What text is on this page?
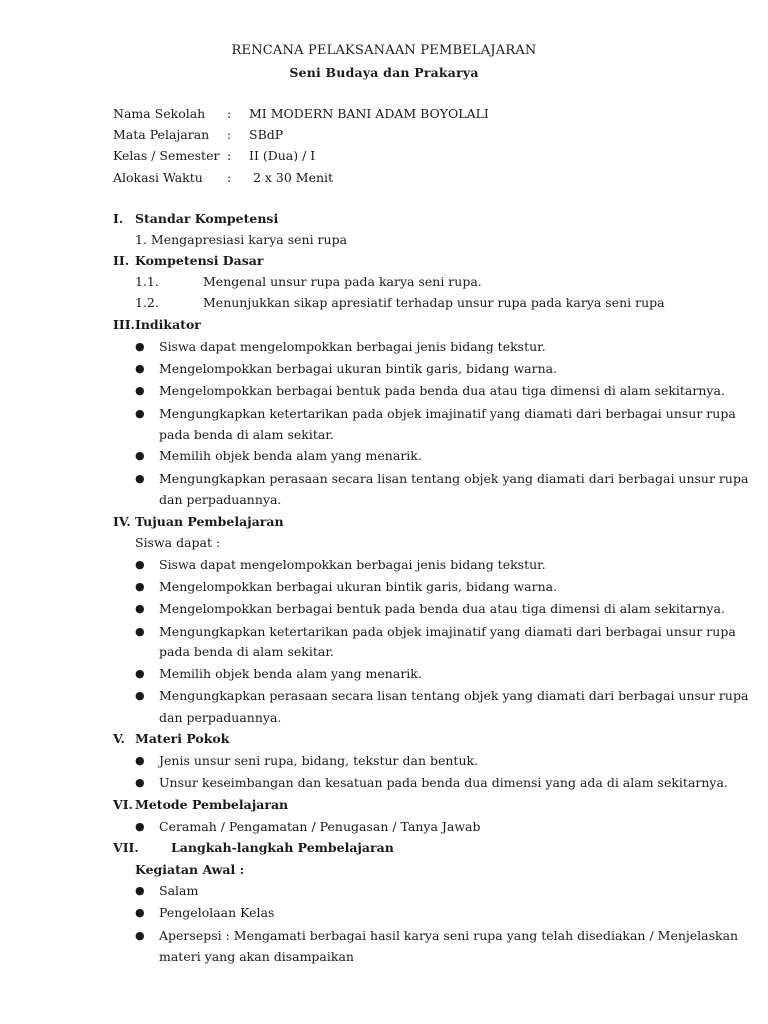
RENCANA PELAKSANAAN PEMBELAJARAN
Seni Budaya dan Prakarya
Nama Sekolah : MI MODERN BANI ADAM BOYOLALI
Mata Pelajaran : SBdP
Kelas / Semester : II (Dua) / I
Alokasi Waktu : 2 x 30 Menit
I. Standar Kompetensi
1. Mengapresiasi karya seni rupa
II. Kompetensi Dasar
1.1.	Mengenal unsur rupa pada karya seni rupa.
1.2.	Menunjukkan sikap apresiatif terhadap unsur rupa pada karya seni rupa
III. Indikator
● Siswa dapat mengelompokkan berbagai jenis bidang tekstur.
● Mengelompokkan berbagai ukuran bintik garis, bidang warna.
● Mengelompokkan berbagai bentuk pada benda dua atau tiga dimensi di alam sekitarnya.
● Mengungkapkan ketertarikan pada objek imajinatif yang diamati dari berbagai unsur rupa
pada benda di alam sekitar.
● Memilih objek benda alam yang menarik.
● Mengungkapkan perasaan secara lisan tentang objek yang diamati dari berbagai unsur rupa
dan perpaduannya.
IV. Tujuan Pembelajaran
Siswa dapat :
● Siswa dapat mengelompokkan berbagai jenis bidang tekstur.
● Mengelompokkan berbagai ukuran bintik garis, bidang warna.
● Mengelompokkan berbagai bentuk pada benda dua atau tiga dimensi di alam sekitarnya.
● Mengungkapkan ketertarikan pada objek imajinatif yang diamati dari berbagai unsur rupa
pada benda di alam sekitar.
● Memilih objek benda alam yang menarik.
● Mengungkapkan perasaan secara lisan tentang objek yang diamati dari berbagai unsur rupa
dan perpaduannya.
V. Materi Pokok
● Jenis unsur seni rupa, bidang, tekstur dan bentuk.
● Unsur keseimbangan dan kesatuan pada benda dua dimensi yang ada di alam sekitarnya.
VI. Metode Pembelajaran
● Ceramah / Pengamatan / Penugasan / Tanya Jawab
VII.	Langkah-langkah Pembelajaran
Kegiatan Awal :
● Salam
● Pengelolaan Kelas
● Apersepsi : Mengamati berbagai hasil karya seni rupa yang telah disediakan / Menjelaskan
materi yang akan disampaikan
